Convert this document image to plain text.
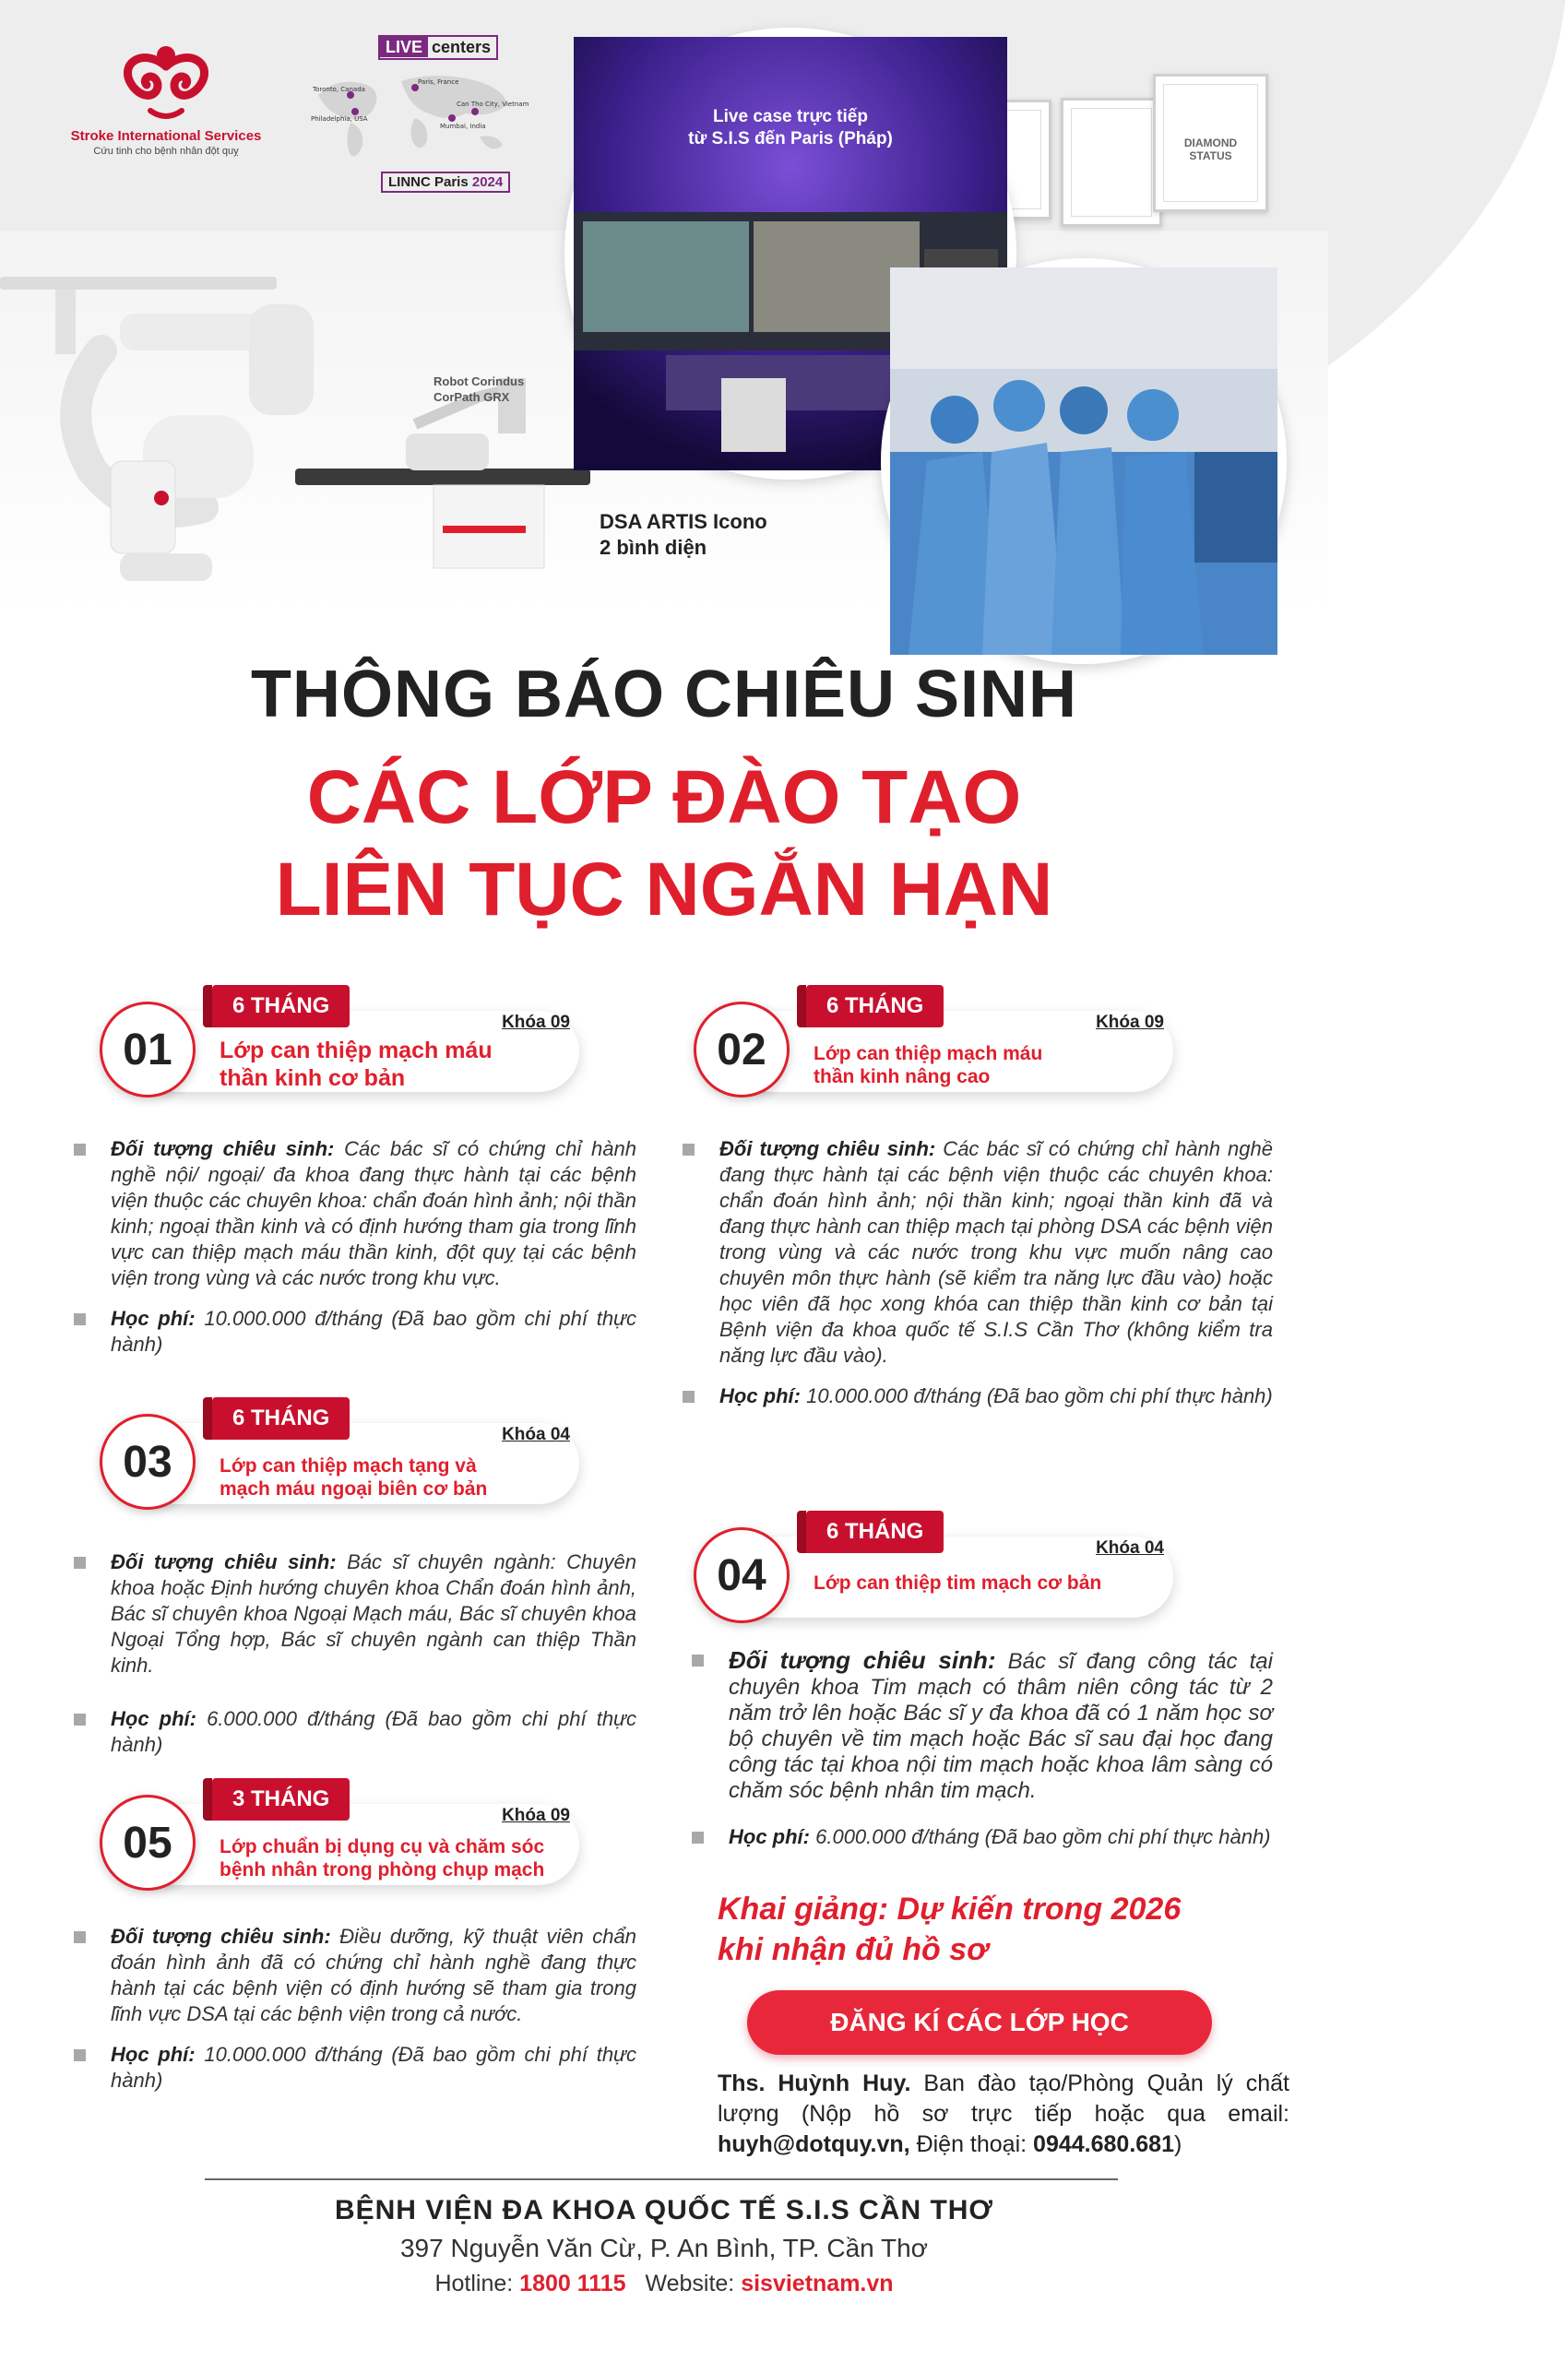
Stroke International Services
Cứu tinh cho bệnh nhân đột quỵ
LIVE centers
Toronto, Canada
Paris, France
Philadelphia, USA
Mumbai, India
Can Tho City, Vietnam
LINNC Paris 2024
Robot Corindus
CorPath GRX
DSA ARTIS Icono
2 bình diện
DIAMOND
STATUS
Live case trực tiếp
từ S.I.S đến Paris (Pháp)
THÔNG BÁO CHIÊU SINH
CÁC LỚP ĐÀO TẠO
LIÊN TỤC NGẮN HẠN
01
6 THÁNG
Khóa 09
Lớp can thiệp mạch máu
thần kinh cơ bản
Đối tượng chiêu sinh: Các bác sĩ có chứng chỉ hành nghề nội/ ngoại/ đa khoa đang thực hành tại các bệnh viện thuộc các chuyên khoa: chẩn đoán hình ảnh; nội thần kinh; ngoại thần kinh và có định hướng tham gia trong lĩnh vực can thiệp mạch máu thần kinh, đột quỵ tại các bệnh viện trong vùng và các nước trong khu vực.
Học phí: 10.000.000 đ/tháng (Đã bao gồm chi phí thực hành)
03
6 THÁNG
Khóa 04
Lớp can thiệp mạch tạng và
mạch máu ngoại biên cơ bản
Đối tượng chiêu sinh: Bác sĩ chuyên ngành: Chuyên khoa hoặc Định hướng chuyên khoa Chẩn đoán hình ảnh, Bác sĩ chuyên khoa Ngoại Mạch máu, Bác sĩ chuyên khoa Ngoại Tổng hợp, Bác sĩ chuyên ngành can thiệp Thần kinh.
Học phí: 6.000.000 đ/tháng (Đã bao gồm chi phí thực hành)
05
3 THÁNG
Khóa 09
Lớp chuẩn bị dụng cụ và chăm sóc
bệnh nhân trong phòng chụp mạch
Đối tượng chiêu sinh: Điều dưỡng, kỹ thuật viên chẩn đoán hình ảnh đã có chứng chỉ hành nghề đang thực hành tại các bệnh viện có định hướng sẽ tham gia trong lĩnh vực DSA tại các bệnh viện trong cả nước.
Học phí: 10.000.000 đ/tháng (Đã bao gồm chi phí thực hành)
02
6 THÁNG
Khóa 09
Lớp can thiệp mạch máu
thần kinh nâng cao
Đối tượng chiêu sinh: Các bác sĩ có chứng chỉ hành nghề đang thực hành tại các bệnh viện thuộc các chuyên khoa: chẩn đoán hình ảnh; nội thần kinh; ngoại thần kinh đã và đang thực hành can thiệp mạch tại phòng DSA các bệnh viện trong vùng và các nước trong khu vực muốn nâng cao chuyên môn thực hành (sẽ kiểm tra năng lực đầu vào) hoặc học viên đã học xong khóa can thiệp thần kinh cơ bản tại Bệnh viện đa khoa quốc tế S.I.S Cần Thơ (không kiểm tra năng lực đầu vào).
Học phí: 10.000.000 đ/tháng (Đã bao gồm chi phí thực hành)
04
6 THÁNG
Khóa 04
Lớp can thiệp tim mạch cơ bản
Đối tượng chiêu sinh: Bác sĩ đang công tác tại chuyên khoa Tim mạch có thâm niên công tác từ 2 năm trở lên hoặc Bác sĩ y đa khoa đã có 1 năm học sơ bộ chuyên về tim mạch hoặc Bác sĩ sau đại học đang công tác tại khoa nội tim mạch hoặc khoa lâm sàng có chăm sóc bệnh nhân tim mạch.
Học phí: 6.000.000 đ/tháng (Đã bao gồm chi phí thực hành)
Khai giảng: Dự kiến trong 2026
khi nhận đủ hồ sơ
ĐĂNG KÍ CÁC LỚP HỌC
Ths. Huỳnh Huy. Ban đào tạo/Phòng Quản lý chất lượng (Nộp hồ sơ trực tiếp hoặc qua email: huyh@dotquy.vn, Điện thoại: 0944.680.681)
BỆNH VIỆN ĐA KHOA QUỐC TẾ S.I.S CẦN THƠ
397 Nguyễn Văn Cừ, P. An Bình, TP. Cần Thơ
Hotline: 1800 1115 Website: sisvietnam.vn
